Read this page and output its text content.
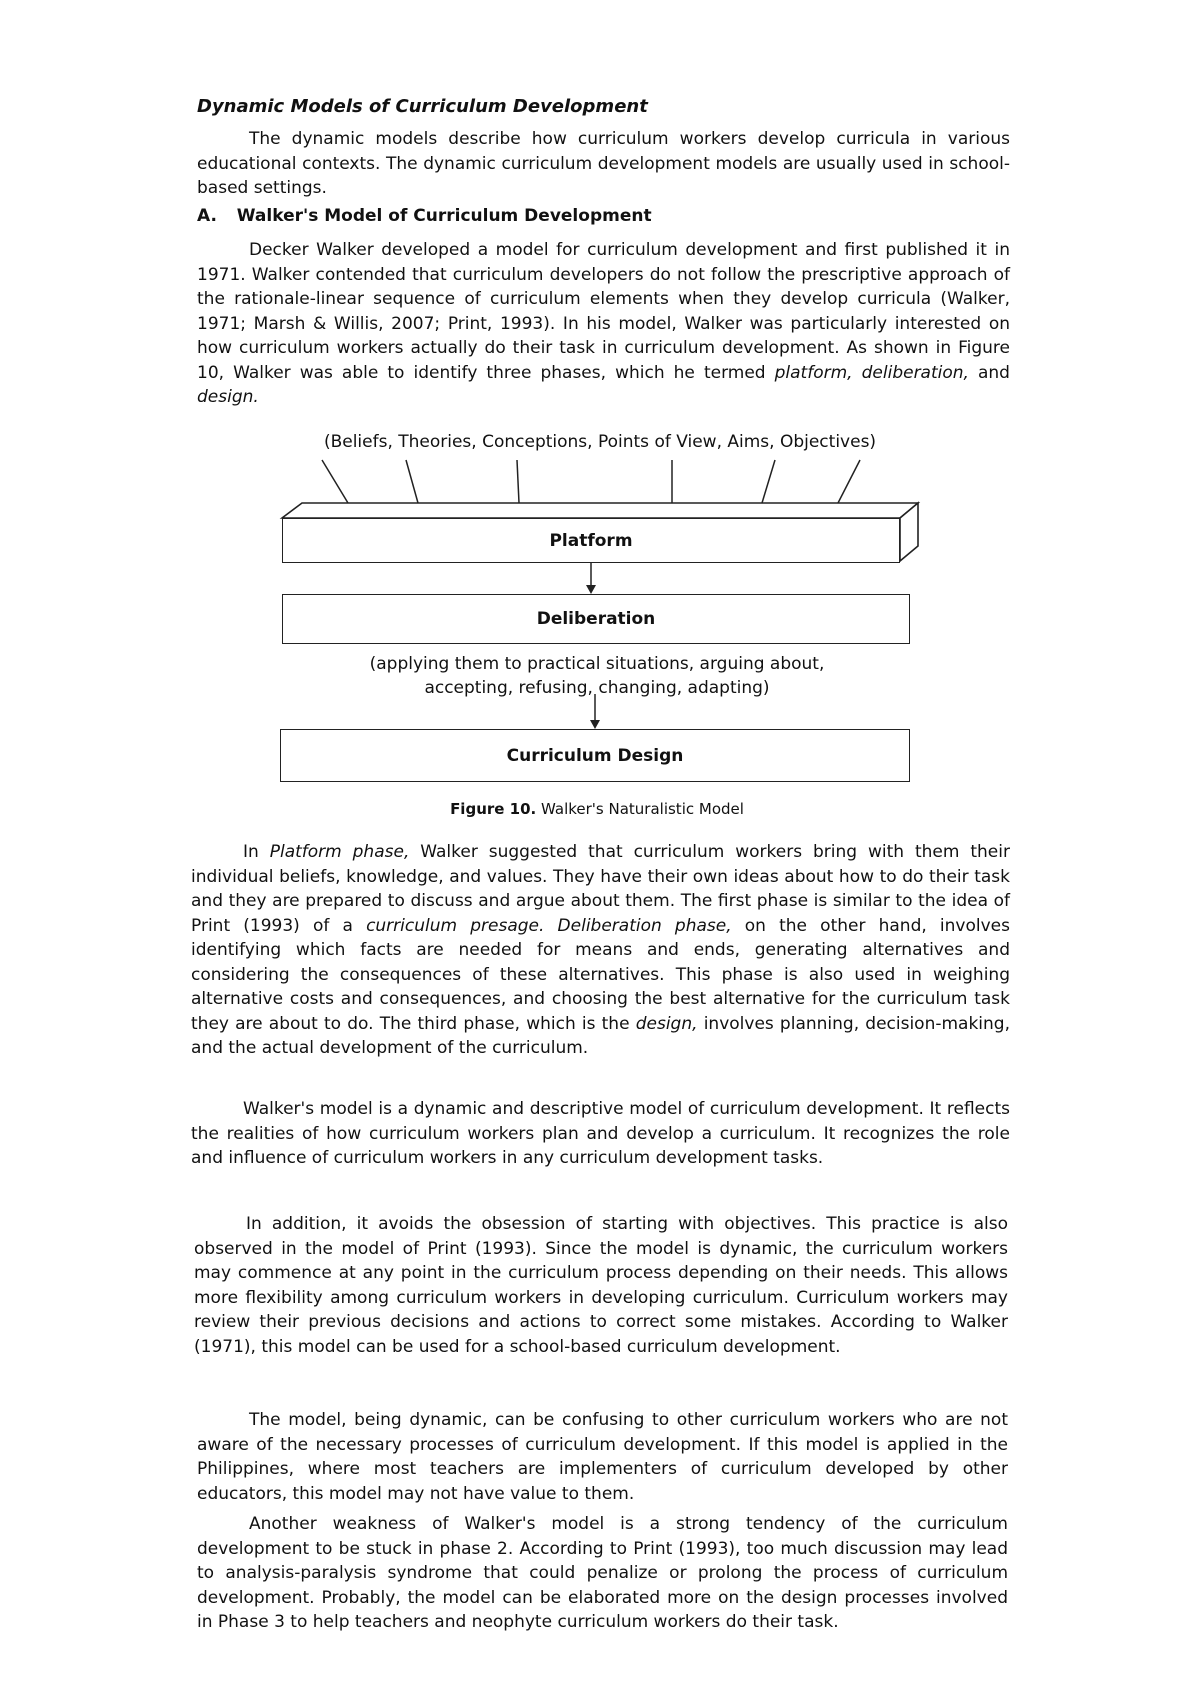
Dynamic Models of Curriculum Development

The dynamic models describe how curriculum workers develop curricula in various educational contexts. The dynamic curriculum development models are usually used in school-based settings.

A. Walker's Model of Curriculum Development

Decker Walker developed a model for curriculum development and first published it in 1971. Walker contended that curriculum developers do not follow the prescriptive approach of the rationale-linear sequence of curriculum elements when they develop curricula (Walker, 1971; Marsh & Willis, 2007; Print, 1993). In his model, Walker was particularly interested on how curriculum workers actually do their task in curriculum development. As shown in Figure 10, Walker was able to identify three phases, which he termed platform, deliberation, and design.

(Beliefs, Theories, Conceptions, Points of View, Aims, Objectives)
Platform
Deliberation
(applying them to practical situations, arguing about,
accepting, refusing, changing, adapting)
Curriculum Design
Figure 10. Walker's Naturalistic Model

In Platform phase, Walker suggested that curriculum workers bring with them their individual beliefs, knowledge, and values. They have their own ideas about how to do their task and they are prepared to discuss and argue about them. The first phase is similar to the idea of Print (1993) of a curriculum presage. Deliberation phase, on the other hand, involves identifying which facts are needed for means and ends, generating alternatives and considering the consequences of these alternatives. This phase is also used in weighing alternative costs and consequences, and choosing the best alternative for the curriculum task they are about to do. The third phase, which is the design, involves planning, decision-making, and the actual development of the curriculum.

Walker's model is a dynamic and descriptive model of curriculum development. It reflects the realities of how curriculum workers plan and develop a curriculum. It recognizes the role and influence of curriculum workers in any curriculum development tasks.

In addition, it avoids the obsession of starting with objectives. This practice is also observed in the model of Print (1993). Since the model is dynamic, the curriculum workers may commence at any point in the curriculum process depending on their needs. This allows more flexibility among curriculum workers in developing curriculum. Curriculum workers may review their previous decisions and actions to correct some mistakes. According to Walker (1971), this model can be used for a school-based curriculum development.

The model, being dynamic, can be confusing to other curriculum workers who are not aware of the necessary processes of curriculum development. If this model is applied in the Philippines, where most teachers are implementers of curriculum developed by other educators, this model may not have value to them.

Another weakness of Walker's model is a strong tendency of the curriculum development to be stuck in phase 2. According to Print (1993), too much discussion may lead to analysis-paralysis syndrome that could penalize or prolong the process of curriculum development. Probably, the model can be elaborated more on the design processes involved in Phase 3 to help teachers and neophyte curriculum workers do their task.
